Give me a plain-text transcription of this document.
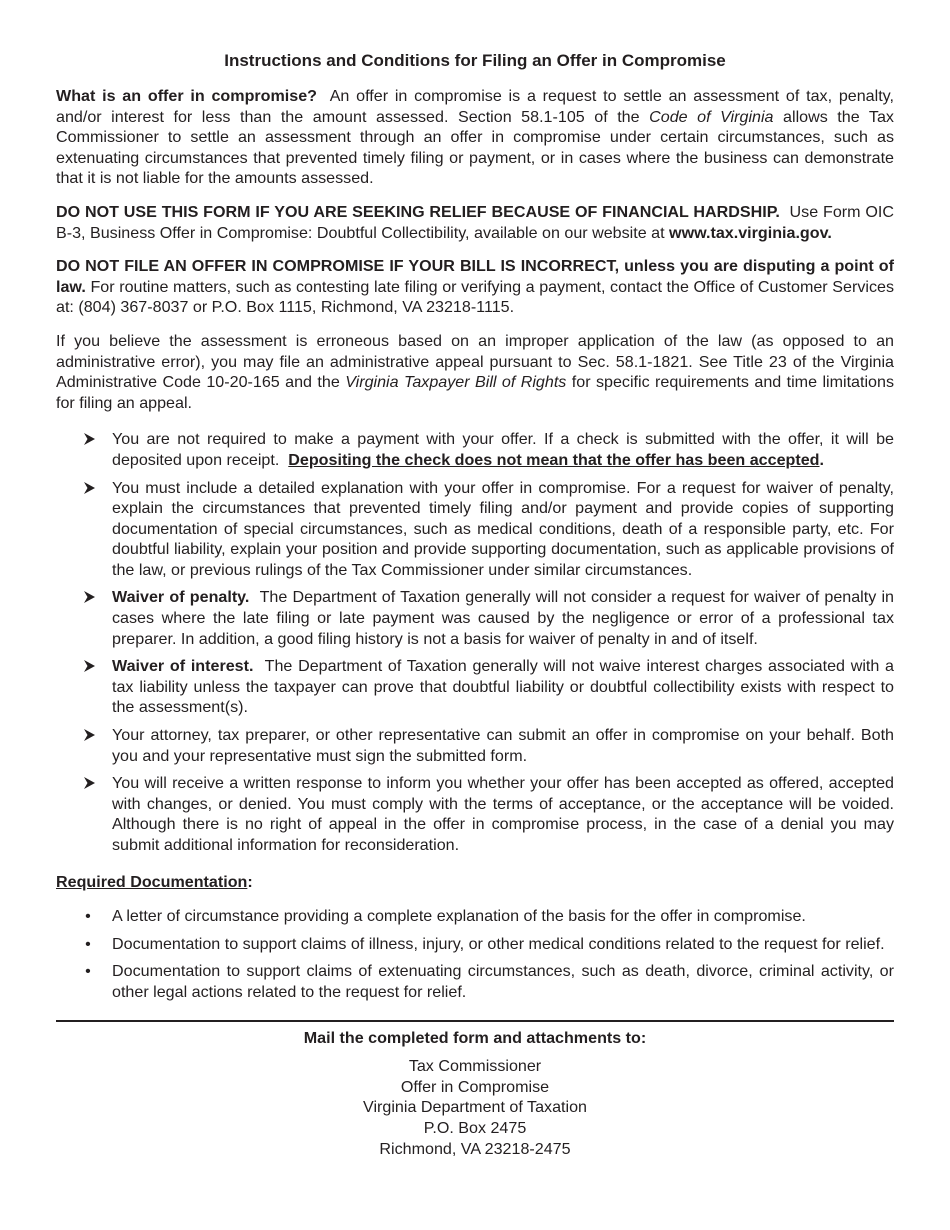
Instructions and Conditions for Filing an Offer in Compromise

What is an offer in compromise? An offer in compromise is a request to settle an assessment of tax, penalty, and/or interest for less than the amount assessed. Section 58.1-105 of the Code of Virginia allows the Tax Commissioner to settle an assessment through an offer in compromise under certain circumstances, such as extenuating circumstances that prevented timely filing or payment, or in cases where the business can demonstrate that it is not liable for the amounts assessed.

DO NOT USE THIS FORM IF YOU ARE SEEKING RELIEF BECAUSE OF FINANCIAL HARDSHIP. Use Form OIC B-3, Business Offer in Compromise: Doubtful Collectibility, available on our website at www.tax.virginia.gov.

DO NOT FILE AN OFFER IN COMPROMISE IF YOUR BILL IS INCORRECT, unless you are disputing a point of law. For routine matters, such as contesting late filing or verifying a payment, contact the Office of Customer Services at: (804) 367-8037 or P.O. Box 1115, Richmond, VA 23218-1115.

If you believe the assessment is erroneous based on an improper application of the law (as opposed to an administrative error), you may file an administrative appeal pursuant to Sec. 58.1-1821. See Title 23 of the Virginia Administrative Code 10-20-165 and the Virginia Taxpayer Bill of Rights for specific requirements and time limitations for filing an appeal.

You are not required to make a payment with your offer. If a check is submitted with the offer, it will be deposited upon receipt. Depositing the check does not mean that the offer has been accepted.
You must include a detailed explanation with your offer in compromise. For a request for waiver of penalty, explain the circumstances that prevented timely filing and/or payment and provide copies of supporting documentation of special circumstances, such as medical conditions, death of a responsible party, etc. For doubtful liability, explain your position and provide supporting documentation, such as applicable provisions of the law, or previous rulings of the Tax Commissioner under similar circumstances.
Waiver of penalty. The Department of Taxation generally will not consider a request for waiver of penalty in cases where the late filing or late payment was caused by the negligence or error of a professional tax preparer. In addition, a good filing history is not a basis for waiver of penalty in and of itself.
Waiver of interest. The Department of Taxation generally will not waive interest charges associated with a tax liability unless the taxpayer can prove that doubtful liability or doubtful collectibility exists with respect to the assessment(s).
Your attorney, tax preparer, or other representative can submit an offer in compromise on your behalf. Both you and your representative must sign the submitted form.
You will receive a written response to inform you whether your offer has been accepted as offered, accepted with changes, or denied. You must comply with the terms of acceptance, or the acceptance will be voided. Although there is no right of appeal in the offer in compromise process, in the case of a denial you may submit additional information for reconsideration.
Required Documentation:
• A letter of circumstance providing a complete explanation of the basis for the offer in compromise.
• Documentation to support claims of illness, injury, or other medical conditions related to the request for relief.
• Documentation to support claims of extenuating circumstances, such as death, divorce, criminal activity, or other legal actions related to the request for relief.
Mail the completed form and attachments to:
Tax Commissioner
Offer in Compromise
Virginia Department of Taxation
P.O. Box 2475
Richmond, VA 23218-2475
